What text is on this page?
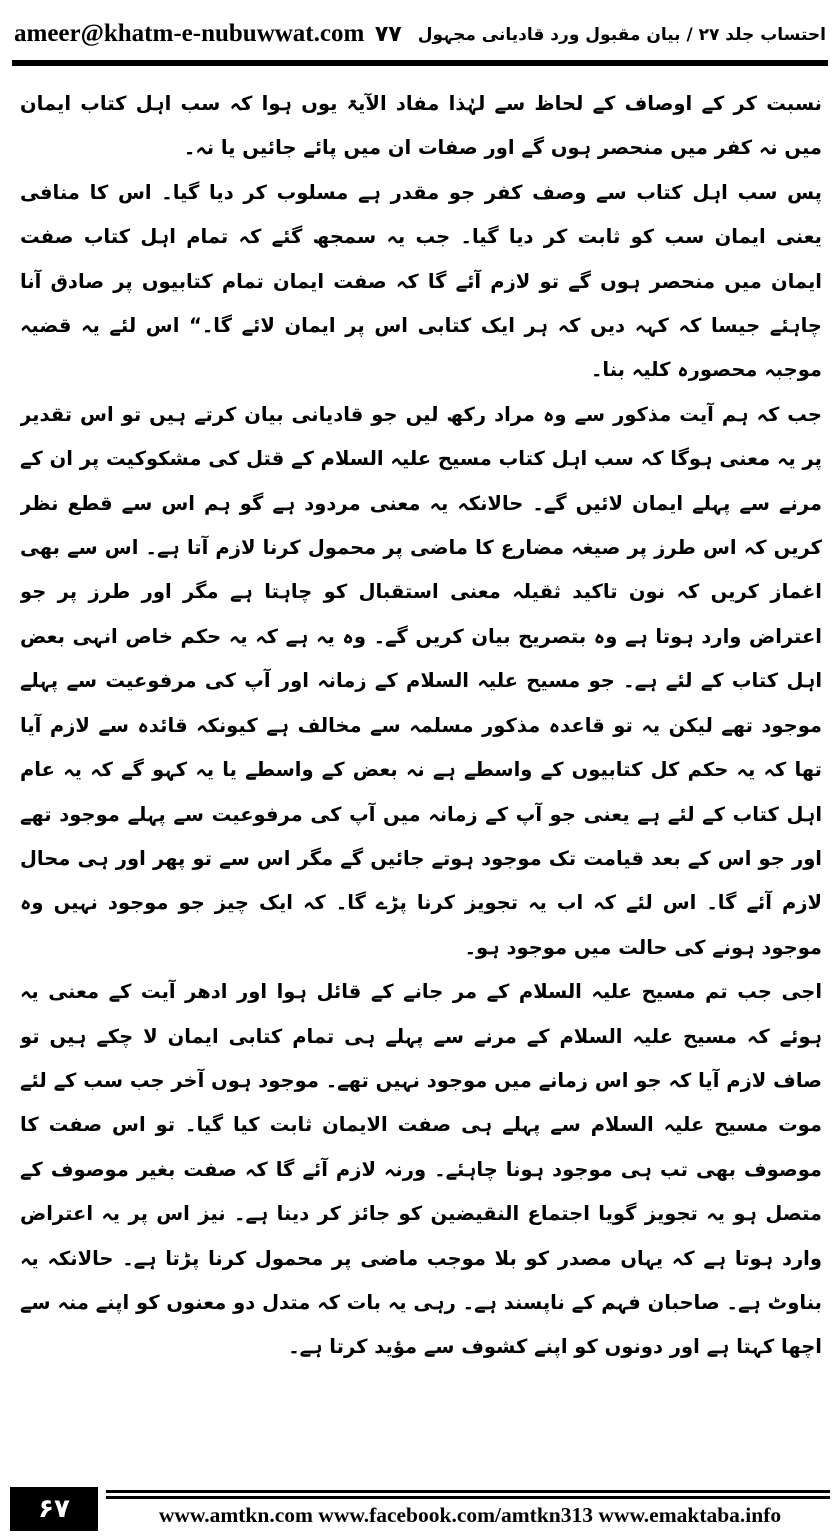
ameer@khatm-e-nubuwwat.com	احتساب جلد ۲۷ / بیان مقبول ورد قادیانی مجہول
۷۷

نسبت کر کے اوصاف کے لحاظ سے لہٰذا مفاد الآیۃ یوں ہوا کہ سب اہل کتاب ایمان میں نہ کفر میں منحصر ہوں گے اور صفات ان میں پائے جائیں یا نہ۔

پس سب اہل کتاب سے وصف کفر جو مقدر ہے مسلوب کر دیا گیا۔ اس کا منافی یعنی ایمان سب کو ثابت کر دیا گیا۔ جب یہ سمجھ گئے کہ تمام اہل کتاب صفت ایمان میں منحصر ہوں گے تو لازم آئے گا کہ صفت ایمان تمام کتابیوں پر صادق آنا چاہئے جیسا کہ کہہ دیں کہ ہر ایک کتابی اس پر ایمان لائے گا۔“ اس لئے یہ قضیہ موجبہ محصورہ کلیہ بنا۔

جب کہ ہم آیت مذکور سے وہ مراد رکھ لیں جو قادیانی بیان کرتے ہیں تو اس تقدیر پر یہ معنی ہوگا کہ سب اہل کتاب مسیح علیہ السلام کے قتل کی مشکوکیت پر ان کے مرنے سے پہلے ایمان لائیں گے۔ حالانکہ یہ معنی مردود ہے گو ہم اس سے قطع نظر کریں کہ اس طرز پر صیغہ مضارع کا ماضی پر محمول کرنا لازم آتا ہے۔ اس سے بھی اغماز کریں کہ نون تاکید ثقیلہ معنی استقبال کو چاہتا ہے مگر اور طرز پر جو اعتراض وارد ہوتا ہے وہ بتصریح بیان کریں گے۔ وہ یہ ہے کہ یہ حکم خاص انہی بعض اہل کتاب کے لئے ہے۔ جو مسیح علیہ السلام کے زمانہ اور آپ کی مرفوعیت سے پہلے موجود تھے لیکن یہ تو قاعدہ مذکور مسلمہ سے مخالف ہے کیونکہ قائدہ سے لازم آیا تھا کہ یہ حکم کل کتابیوں کے واسطے ہے نہ بعض کے واسطے یا یہ کہو گے کہ یہ عام اہل کتاب کے لئے ہے یعنی جو آپ کے زمانہ میں آپ کی مرفوعیت سے پہلے موجود تھے اور جو اس کے بعد قیامت تک موجود ہوتے جائیں گے مگر اس سے تو پھر اور ہی محال لازم آئے گا۔ اس لئے کہ اب یہ تجویز کرنا پڑے گا۔ کہ ایک چیز جو موجود نہیں وہ موجود ہونے کی حالت میں موجود ہو۔

اجی جب تم مسیح علیہ السلام کے مر جانے کے قائل ہوا اور ادھر آیت کے معنی یہ ہوئے کہ مسیح علیہ السلام کے مرنے سے پہلے ہی تمام کتابی ایمان لا چکے ہیں تو صاف لازم آیا کہ جو اس زمانے میں موجود نہیں تھے۔ موجود ہوں آخر جب سب کے لئے موت مسیح علیہ السلام سے پہلے ہی صفت الایمان ثابت کیا گیا۔ تو اس صفت کا موصوف بھی تب ہی موجود ہونا چاہئے۔ ورنہ لازم آئے گا کہ صفت بغیر موصوف کے متصل ہو یہ تجویز گویا اجتماع النقیضین کو جائز کر دینا ہے۔ نیز اس پر یہ اعتراض وارد ہوتا ہے کہ یہاں مصدر کو بلا موجب ماضی پر محمول کرنا پڑتا ہے۔ حالانکہ یہ بناوٹ ہے۔ صاحبان فہم کے ناپسند ہے۔ رہی یہ بات کہ متدل دو معنوں کو اپنے منہ سے اچھا کہتا ہے اور دونوں کو اپنے کشوف سے مؤید کرتا ہے۔

۶۷	www.amtkn.com www.facebook.com/amtkn313 www.emaktaba.info
